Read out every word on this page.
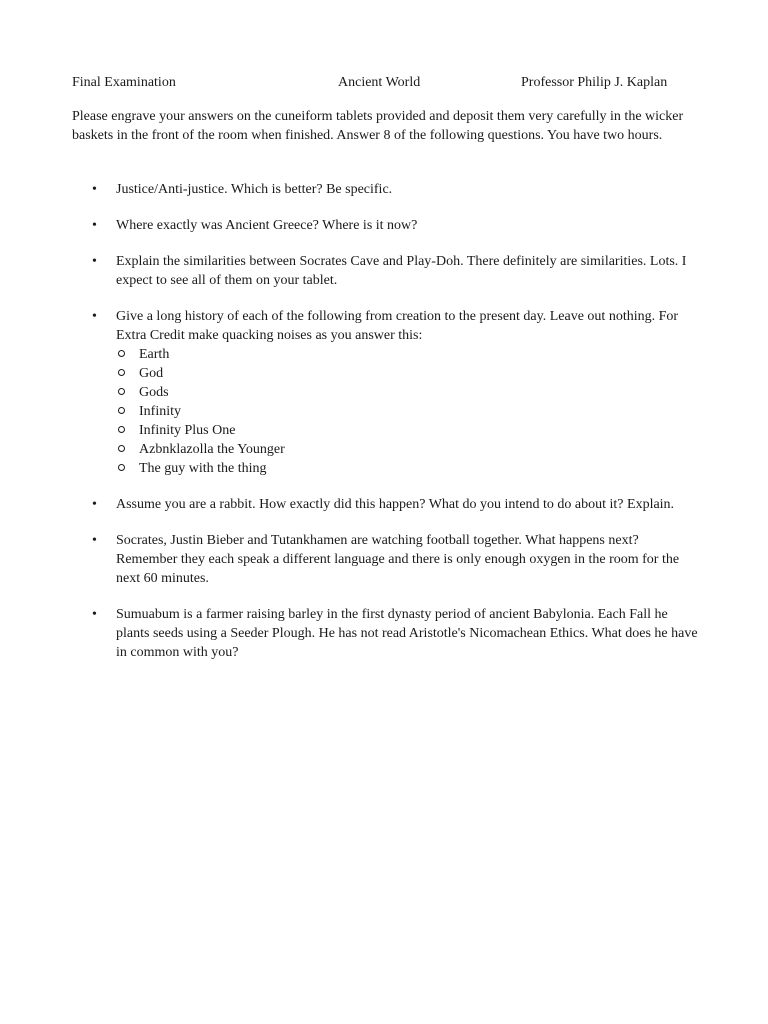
Final Examination	Ancient World	Professor Philip J. Kaplan

Please engrave your answers on the cuneiform tablets provided and deposit them very carefully in the wicker baskets in the front of the room when finished. Answer 8 of the following questions. You have two hours.

• Justice/Anti-justice. Which is better? Be specific.
• Where exactly was Ancient Greece? Where is it now?
• Explain the similarities between Socrates Cave and Play-Doh. There definitely are similarities. Lots. I expect to see all of them on your tablet.
• Give a long history of each of the following from creation to the present day. Leave out nothing. For Extra Credit make quacking noises as you answer this:
Earth
God
Gods
Infinity
Infinity Plus One
Azbnklazolla the Younger
The guy with the thing
• Assume you are a rabbit. How exactly did this happen? What do you intend to do about it? Explain.
• Socrates, Justin Bieber and Tutankhamen are watching football together. What happens next? Remember they each speak a different language and there is only enough oxygen in the room for the next 60 minutes.
• Sumuabum is a farmer raising barley in the first dynasty period of ancient Babylonia. Each Fall he plants seeds using a Seeder Plough. He has not read Aristotle's Nicomachean Ethics. What does he have in common with you?
